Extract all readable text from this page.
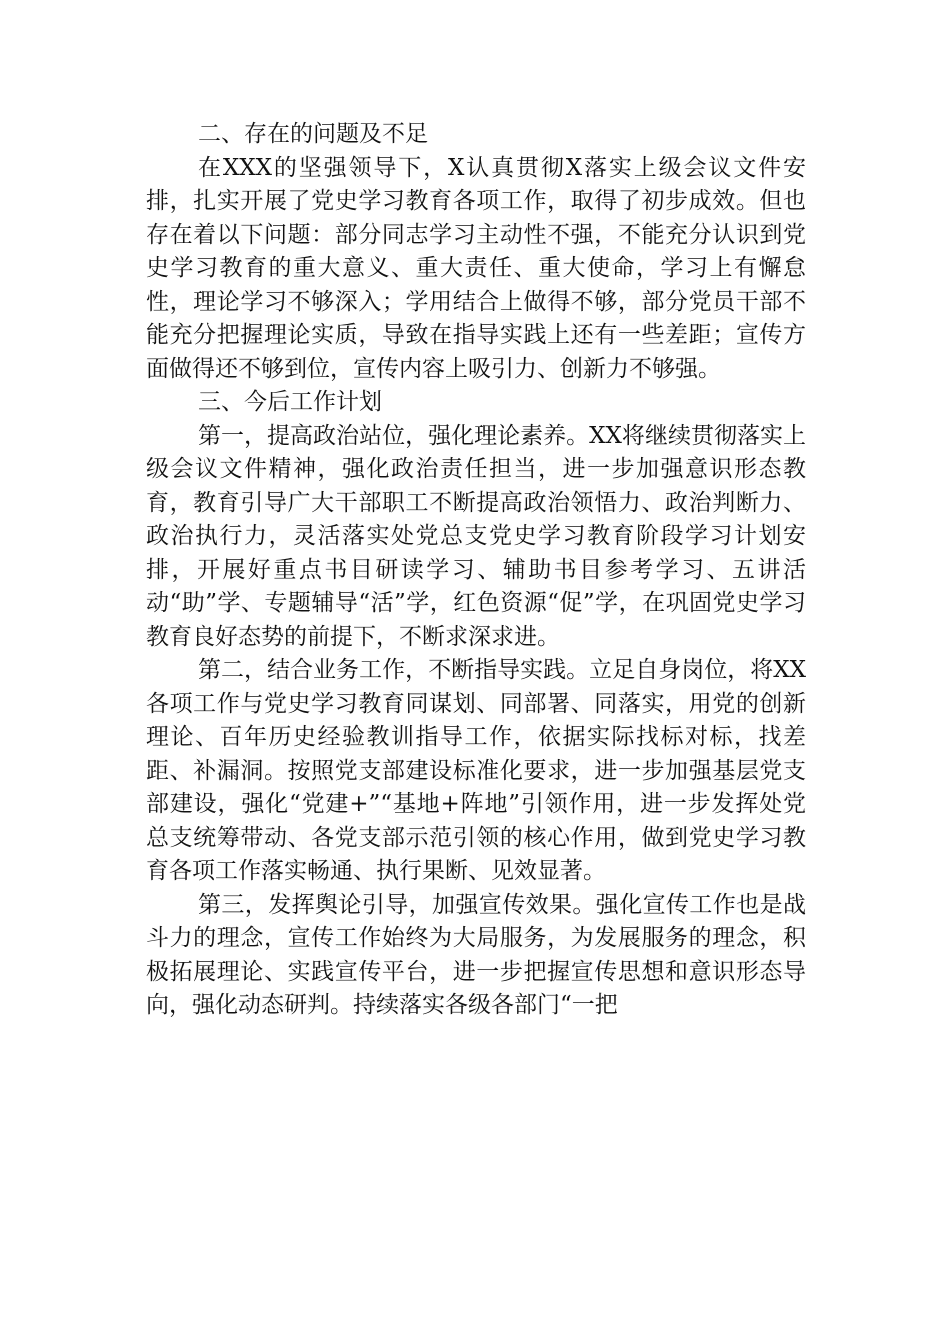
二、存在的问题及不足

在XXX的坚强领导下，X认真贯彻X落实上级会议文件安排，扎实开展了党史学习教育各项工作，取得了初步成效。但也存在着以下问题：部分同志学习主动性不强，不能充分认识到党史学习教育的重大意义、重大责任、重大使命，学习上有懈怠性，理论学习不够深入；学用结合上做得不够，部分党员干部不能充分把握理论实质，导致在指导实践上还有一些差距；宣传方面做得还不够到位，宣传内容上吸引力、创新力不够强。

三、今后工作计划

第一，提高政治站位，强化理论素养。XX将继续贯彻落实上级会议文件精神，强化政治责任担当，进一步加强意识形态教育，教育引导广大干部职工不断提高政治领悟力、政治判断力、政治执行力，灵活落实处党总支党史学习教育阶段学习计划安排，开展好重点书目研读学习、辅助书目参考学习、五讲活动“助”学、专题辅导“活”学，红色资源“促”学，在巩固党史学习教育良好态势的前提下，不断求深求进。

第二，结合业务工作，不断指导实践。立足自身岗位，将XX各项工作与党史学习教育同谋划、同部署、同落实，用党的创新理论、百年历史经验教训指导工作，依据实际找标对标，找差距、补漏洞。按照党支部建设标准化要求，进一步加强基层党支部建设，强化“党建+”“基地+阵地”引领作用，进一步发挥处党总支统筹带动、各党支部示范引领的核心作用，做到党史学习教育各项工作落实畅通、执行果断、见效显著。

第三，发挥舆论引导，加强宣传效果。强化宣传工作也是战斗力的理念，宣传工作始终为大局服务，为发展服务的理念，积极拓展理论、实践宣传平台，进一步把握宣传思想和意识形态导向，强化动态研判。持续落实各级各部门“一把
